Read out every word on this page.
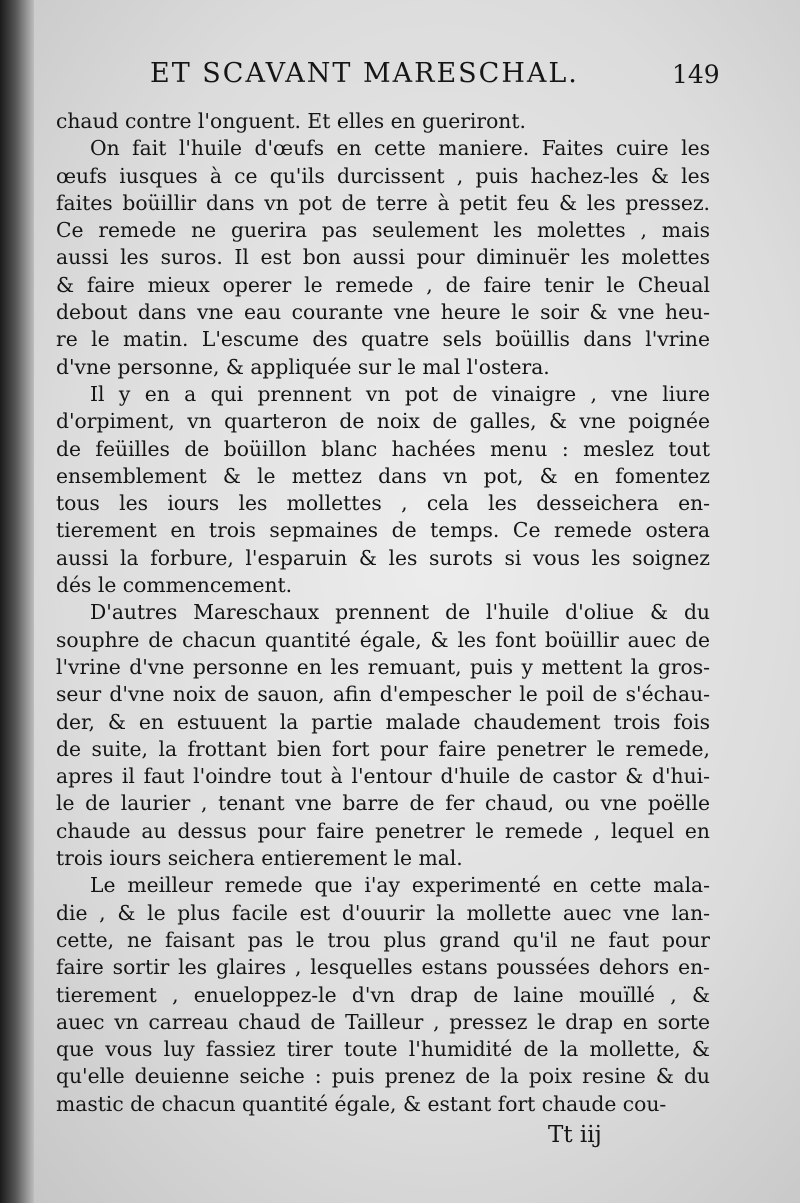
ET SCAVANT MARESCHAL.	149
chaud contre l'onguent. Et elles en gueriront.
On fait l'huile d'œufs en cette maniere. Faites cuire les
œufs iusques à ce qu'ils durcissent , puis hachez-les & les
faites boüillir dans vn pot de terre à petit feu & les pressez.
Ce remede ne guerira pas seulement les molettes , mais
aussi les suros. Il est bon aussi pour diminuër les molettes
& faire mieux operer le remede , de faire tenir le Cheual
debout dans vne eau courante vne heure le soir & vne heu-
re le matin. L'escume des quatre sels boüillis dans l'vrine
d'vne personne, & appliquée sur le mal l'ostera.
Il y en a qui prennent vn pot de vinaigre , vne liure
d'orpiment, vn quarteron de noix de galles, & vne poignée
de feüilles de boüillon blanc hachées menu : meslez tout
ensemblement & le mettez dans vn pot, & en fomentez
tous les iours les mollettes , cela les desseichera en-
tierement en trois sepmaines de temps. Ce remede ostera
aussi la forbure, l'esparuin & les surots si vous les soignez
dés le commencement.
D'autres Mareschaux prennent de l'huile d'oliue & du
souphre de chacun quantité égale, & les font boüillir auec de
l'vrine d'vne personne en les remuant, puis y mettent la gros-
seur d'vne noix de sauon, afin d'empescher le poil de s'échau-
der, & en estuuent la partie malade chaudement trois fois
de suite, la frottant bien fort pour faire penetrer le remede,
apres il faut l'oindre tout à l'entour d'huile de castor & d'hui-
le de laurier , tenant vne barre de fer chaud, ou vne poëlle
chaude au dessus pour faire penetrer le remede , lequel en
trois iours seichera entierement le mal.
Le meilleur remede que i'ay experimenté en cette mala-
die , & le plus facile est d'ouurir la mollette auec vne lan-
cette, ne faisant pas le trou plus grand qu'il ne faut pour
faire sortir les glaires , lesquelles estans poussées dehors en-
tierement , enueloppez-le d'vn drap de laine mouïllé , &
auec vn carreau chaud de Tailleur , pressez le drap en sorte
que vous luy fassiez tirer toute l'humidité de la mollette, &
qu'elle deuienne seiche : puis prenez de la poix resine & du
mastic de chacun quantité égale, & estant fort chaude cou-
Tt iij
